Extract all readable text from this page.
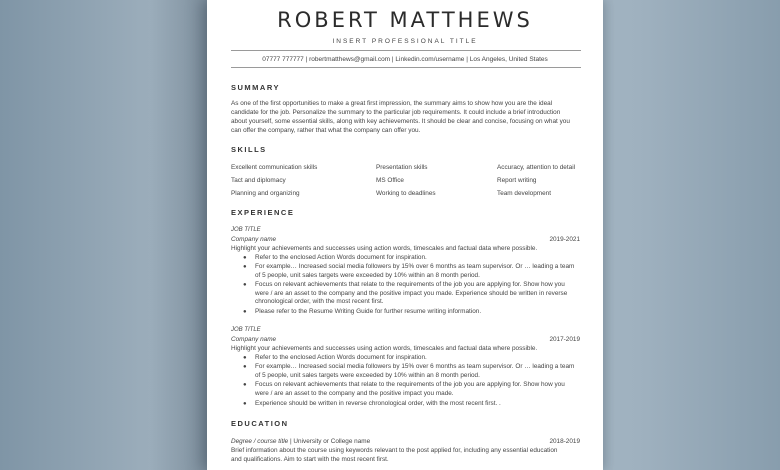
ROBERT MATTHEWS
INSERT PROFESSIONAL TITLE
07777 777777 | robertmatthews@gmail.com | Linkedin.com/username | Los Angeles, United States
SUMMARY
As one of the first opportunities to make a great first impression, the summary aims to show how you are the ideal
candidate for the job. Personalize the summary to the particular job requirements. It could include a brief introduction
about yourself, some essential skills, along with key achievements. It should be clear and concise, focusing on what you
can offer the company, rather that what the company can offer you.
SKILLS
Excellent communication skills	Presentation skills	Accuracy, attention to detail
Tact and diplomacy	MS Office	Report writing
Planning and organizing	Working to deadlines	Team development
EXPERIENCE
JOB TITLE
Company name	2019-2021
Highlight your achievements and successes using action words, timescales and factual data where possible.
● Refer to the enclosed Action Words document for inspiration.
● For example… Increased social media followers by 15% over 6 months as team supervisor. Or … leading a team
of 5 people, unit sales targets were exceeded by 10% within an 8 month period.
● Focus on relevant achievements that relate to the requirements of the job you are applying for. Show how you
were / are an asset to the company and the positive impact you made. Experience should be written in reverse
chronological order, with the most recent first.
● Please refer to the Resume Writing Guide for further resume writing information.
JOB TITLE
Company name	2017-2019
Highlight your achievements and successes using action words, timescales and factual data where possible.
● Refer to the enclosed Action Words document for inspiration.
● For example… Increased social media followers by 15% over 6 months as team supervisor. Or … leading a team
of 5 people, unit sales targets were exceeded by 10% within an 8 month period.
● Focus on relevant achievements that relate to the requirements of the job you are applying for. Show how you
were / are an asset to the company and the positive impact you made.
● Experience should be written in reverse chronological order, with the most recent first. .
EDUCATION
Degree / course title | University or College name	2018-2019
Brief information about the course using keywords relevant to the post applied for, including any essential education
and qualifications. Aim to start with the most recent first.
